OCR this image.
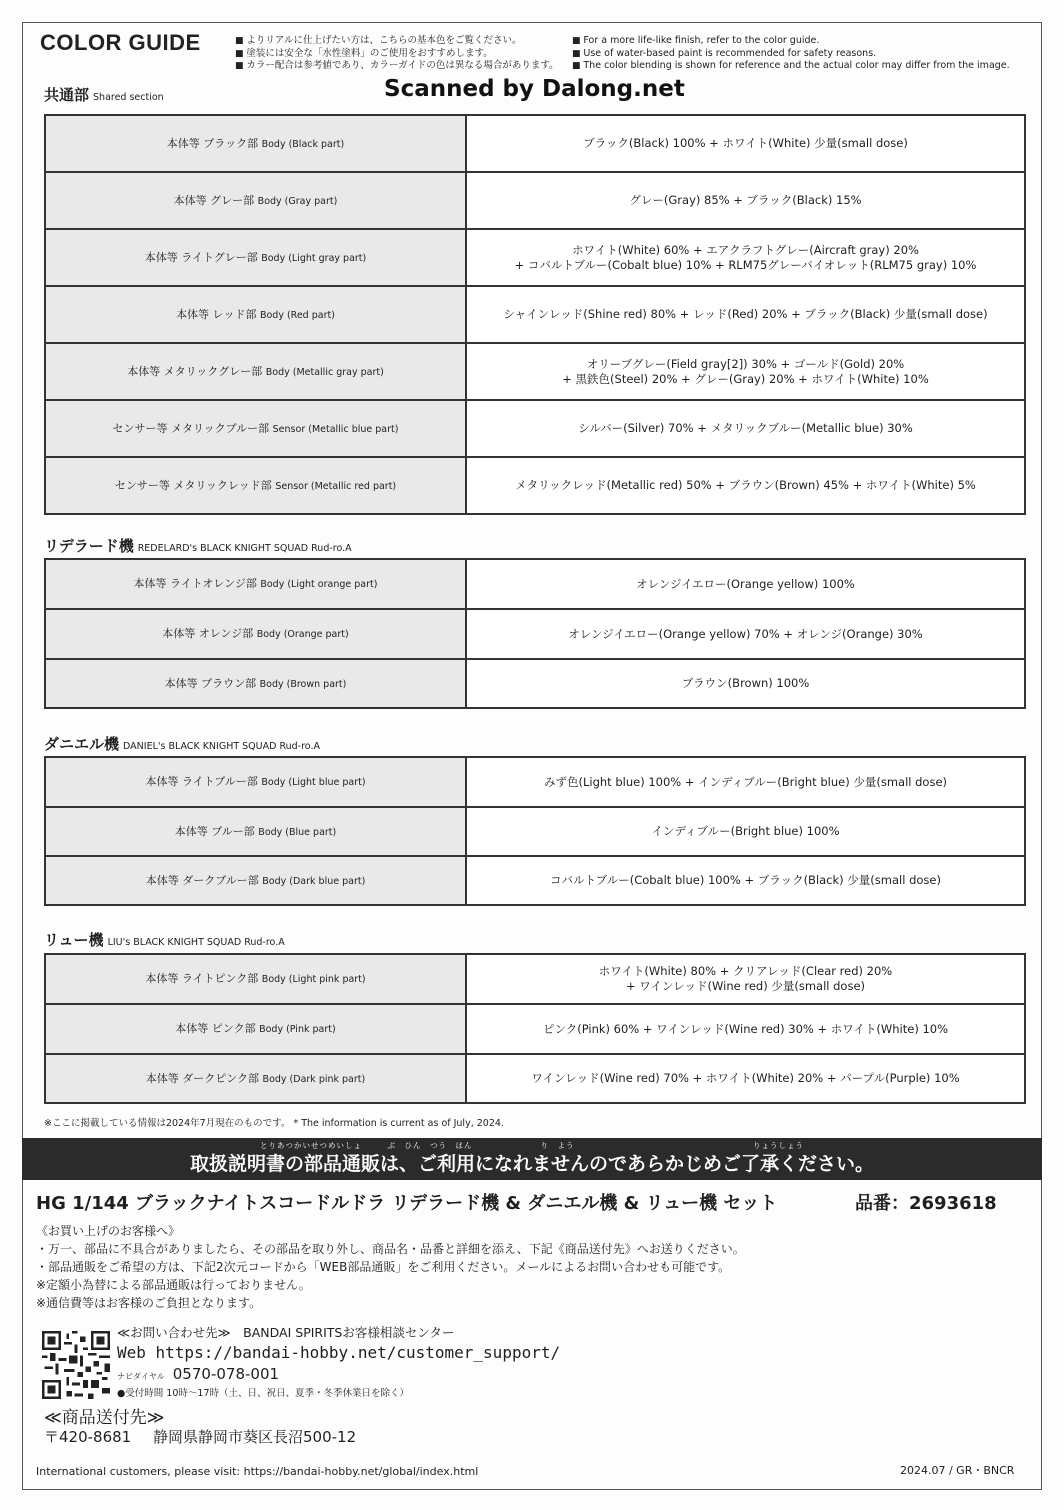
COLOR GUIDE	■ よりリアルに仕上げたい方は、こちらの基本色をご覧ください。
■ 塗装には安全な「水性塗料」のご使用をおすすめします。
■ カラー配合は参考値であり、カラーガイドの色は異なる場合があります。
■ For a more life-like finish, refer to the color guide.
■ Use of water-based paint is recommended for safety reasons.
■ The color blending is shown for reference and the actual color may differ from the image.
Scanned by Dalong.net
共通部 Shared section
本体等 ブラック部 Body (Black part)	ブラック(Black) 100% + ホワイト(White) 少量(small dose)

本体等 グレー部 Body (Gray part)	グレー(Gray) 85% + ブラック(Black) 15%

本体等 ライトグレー部 Body (Light gray part)	ホワイト(White) 60% + エアクラフトグレー(Aircraft gray) 20%
+ コバルトブルー(Cobalt blue) 10% + RLM75グレーバイオレット(RLM75 gray) 10%

本体等 レッド部 Body (Red part)	シャインレッド(Shine red) 80% + レッド(Red) 20% + ブラック(Black) 少量(small dose)

本体等 メタリックグレー部 Body (Metallic gray part)	オリーブグレー(Field gray[2]) 30% + ゴールド(Gold) 20%
+ 黒鉄色(Steel) 20% + グレー(Gray) 20% + ホワイト(White) 10%

センサー等 メタリックブルー部 Sensor (Metallic blue part)	シルバー(Silver) 70% + メタリックブルー(Metallic blue) 30%

センサー等 メタリックレッド部 Sensor (Metallic red part)	メタリックレッド(Metallic red) 50% + ブラウン(Brown) 45% + ホワイト(White) 5%
リデラード機 REDELARD's BLACK KNIGHT SQUAD Rud-ro.A
本体等 ライトオレンジ部 Body (Light orange part)	オレンジイエロー(Orange yellow) 100%

本体等 オレンジ部 Body (Orange part)	オレンジイエロー(Orange yellow) 70% + オレンジ(Orange) 30%

本体等 ブラウン部 Body (Brown part)	ブラウン(Brown) 100%
ダニエル機 DANIEL's BLACK KNIGHT SQUAD Rud-ro.A
本体等 ライトブルー部 Body (Light blue part)	みず色(Light blue) 100% + インディブルー(Bright blue) 少量(small dose)

本体等 ブルー部 Body (Blue part)	インディブルー(Bright blue) 100%

本体等 ダークブルー部 Body (Dark blue part)	コバルトブルー(Cobalt blue) 100% + ブラック(Black) 少量(small dose)
リュー機 LIU's BLACK KNIGHT SQUAD Rud-ro.A
本体等 ライトピンク部 Body (Light pink part)	ホワイト(White) 80% + クリアレッド(Clear red) 20%
+ ワインレッド(Wine red) 少量(small dose)

本体等 ピンク部 Body (Pink part)	ピンク(Pink) 60% + ワインレッド(Wine red) 30% + ホワイト(White) 10%

本体等 ダークピンク部 Body (Dark pink part)	ワインレッド(Wine red) 70% + ホワイト(White) 20% + パープル(Purple) 10%
※ここに掲載している情報は2024年7月現在のものです。 * The information is current as of July, 2024.
とりあつかいせつめいしょ　　　ぶ　ひん　つう　はん　　　　　　　　り　よう　　　　　　　　　　　　　　　　　　　　　りょうしょう
取扱説明書の部品通販は、ご利用になれませんのであらかじめご了承ください。
HG 1/144 ブラックナイトスコードルドラ リデラード機 & ダニエル機 & リュー機 セット	品番：2693618
《お買い上げのお客様へ》
・万一、部品に不具合がありましたら、その部品を取り外し、商品名・品番と詳細を添え、下記《商品送付先》へお送りください。
・部品通販をご希望の方は、下記2次元コードから「WEB部品通販」をご利用ください。メールによるお問い合わせも可能です。
※定額小為替による部品通販は行っておりません。
※通信費等はお客様のご負担となります。
≪お問い合わせ先≫　BANDAI SPIRITSお客様相談センター
Web https://bandai-hobby.net/customer_support/
ナビダイヤル 0570-078-001
●受付時間 10時～17時（土、日、祝日、夏季・冬季休業日を除く）
≪商品送付先≫
〒420-8681 静岡県静岡市葵区長沼500-12
International customers, please visit: https://bandai-hobby.net/global/index.html	2024.07 / GR・BNCR
